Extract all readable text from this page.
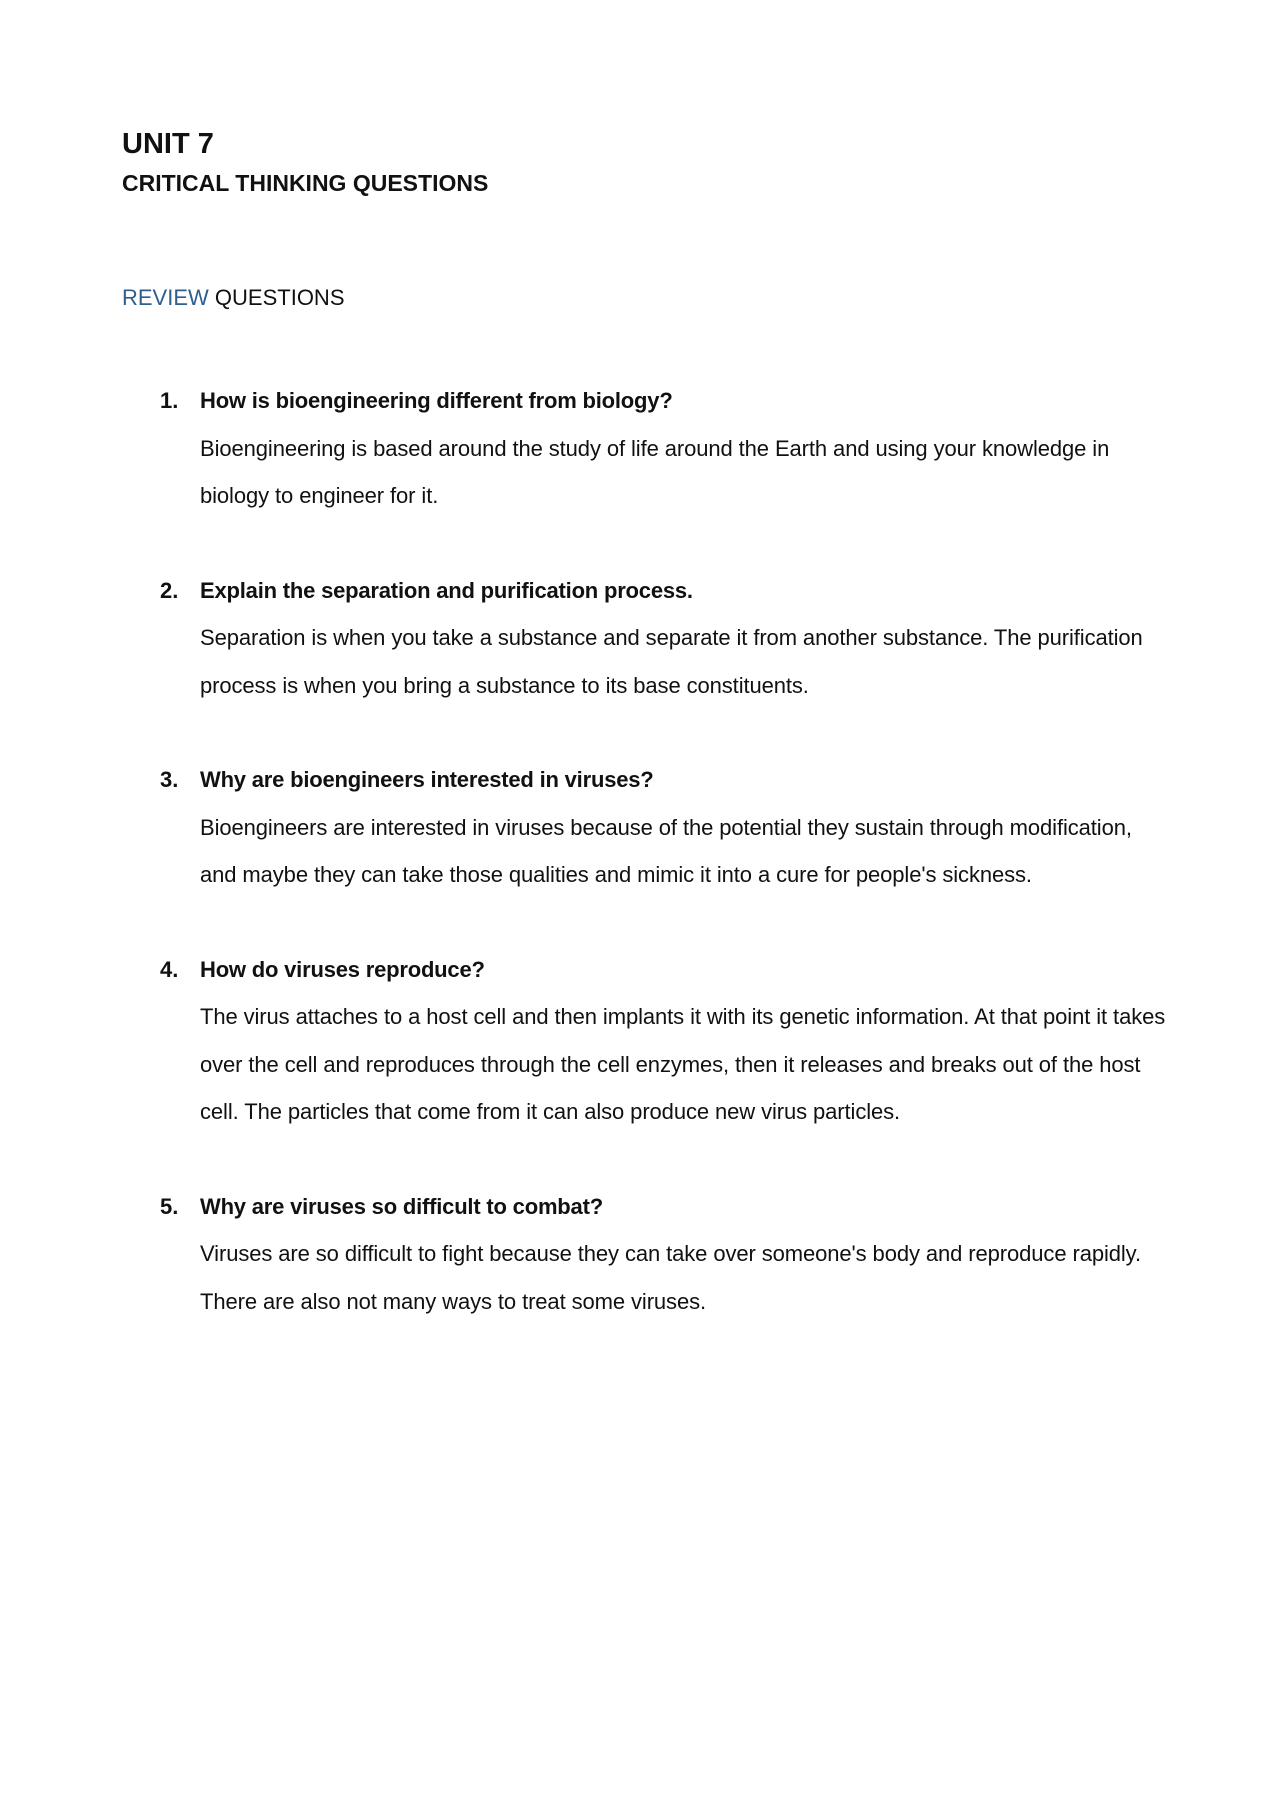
UNIT 7
CRITICAL THINKING QUESTIONS
REVIEW QUESTIONS
1. How is bioengineering different from biology?

Bioengineering is based around the study of life around the Earth and using your knowledge in biology to engineer for it.

2. Explain the separation and purification process.

Separation is when you take a substance and separate it from another substance. The purification process is when you bring a substance to its base constituents.

3. Why are bioengineers interested in viruses?

Bioengineers are interested in viruses because of the potential they sustain through modification, and maybe they can take those qualities and mimic it into a cure for people's sickness.

4. How do viruses reproduce?

The virus attaches to a host cell and then implants it with its genetic information. At that point it takes over the cell and reproduces through the cell enzymes, then it releases and breaks out of the host cell. The particles that come from it can also produce new virus particles.

5. Why are viruses so difficult to combat?

Viruses are so difficult to fight because they can take over someone's body and reproduce rapidly. There are also not many ways to treat some viruses.
